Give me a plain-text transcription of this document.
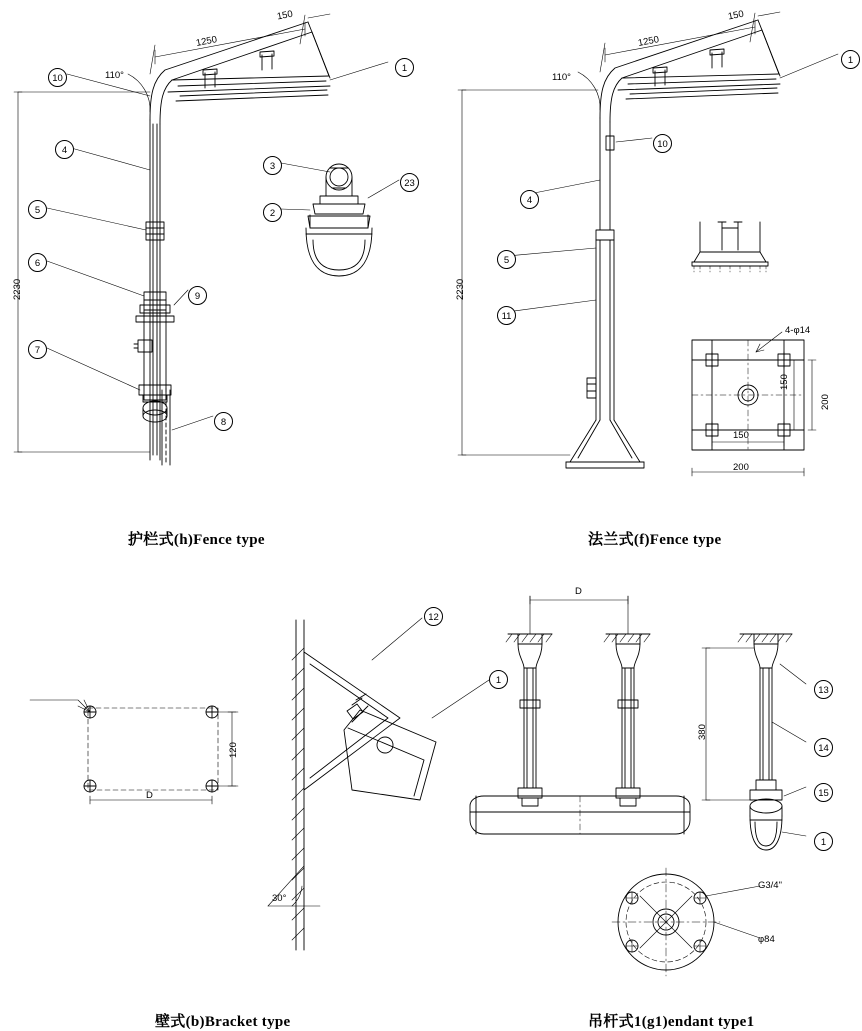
10
1
4
3
23
2
5
6
9
7
8
1
10
4
5
11
12
1
13
14
15
1
1250
150
110°
2230
1250
150
110°
2230
4-φ14
150
200
150
200
120
D
30°
D
380
G3/4"
φ84
护栏式(h)Fence type	法兰式(f)Fence type
壁式(b)Bracket type	吊杆式1(g1)endant type1
